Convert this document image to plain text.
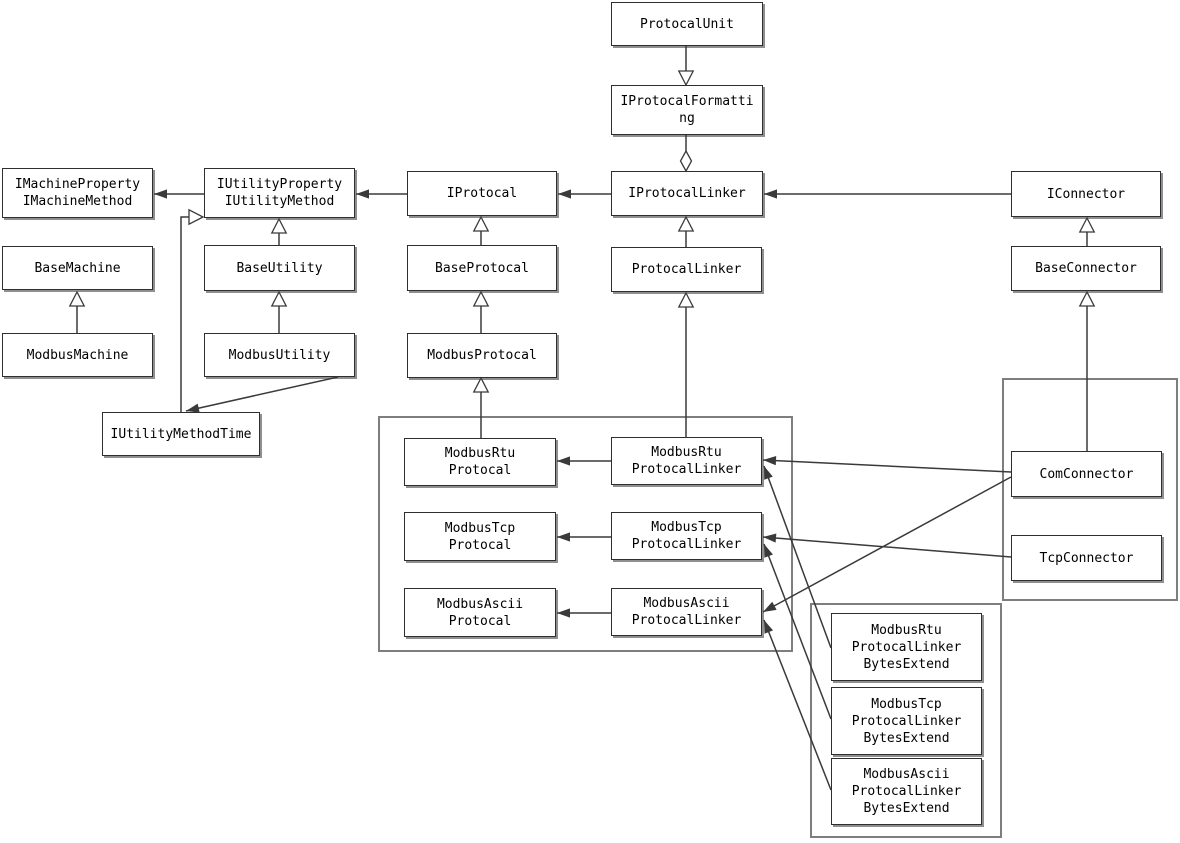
ProtocalUnit
IProtocalFormatti
ng
IMachineProperty
IMachineMethod
IUtilityProperty
IUtilityMethod
IProtocal	IProtocalLinker	IConnector
BaseMachine	BaseUtility	BaseProtocal	ProtocalLinker	BaseConnector
ModbusMachine	ModbusUtility	ModbusProtocal
IUtilityMethodTime
ModbusRtu
Protocal
ModbusTcp
Protocal
ModbusAscii
Protocal
ModbusRtu
ProtocalLinker
ModbusTcp
ProtocalLinker
ModbusAscii
ProtocalLinker
ComConnector
TcpConnector
ModbusRtu
ProtocalLinker
BytesExtend
ModbusTcp
ProtocalLinker
BytesExtend
ModbusAscii
ProtocalLinker
BytesExtend
